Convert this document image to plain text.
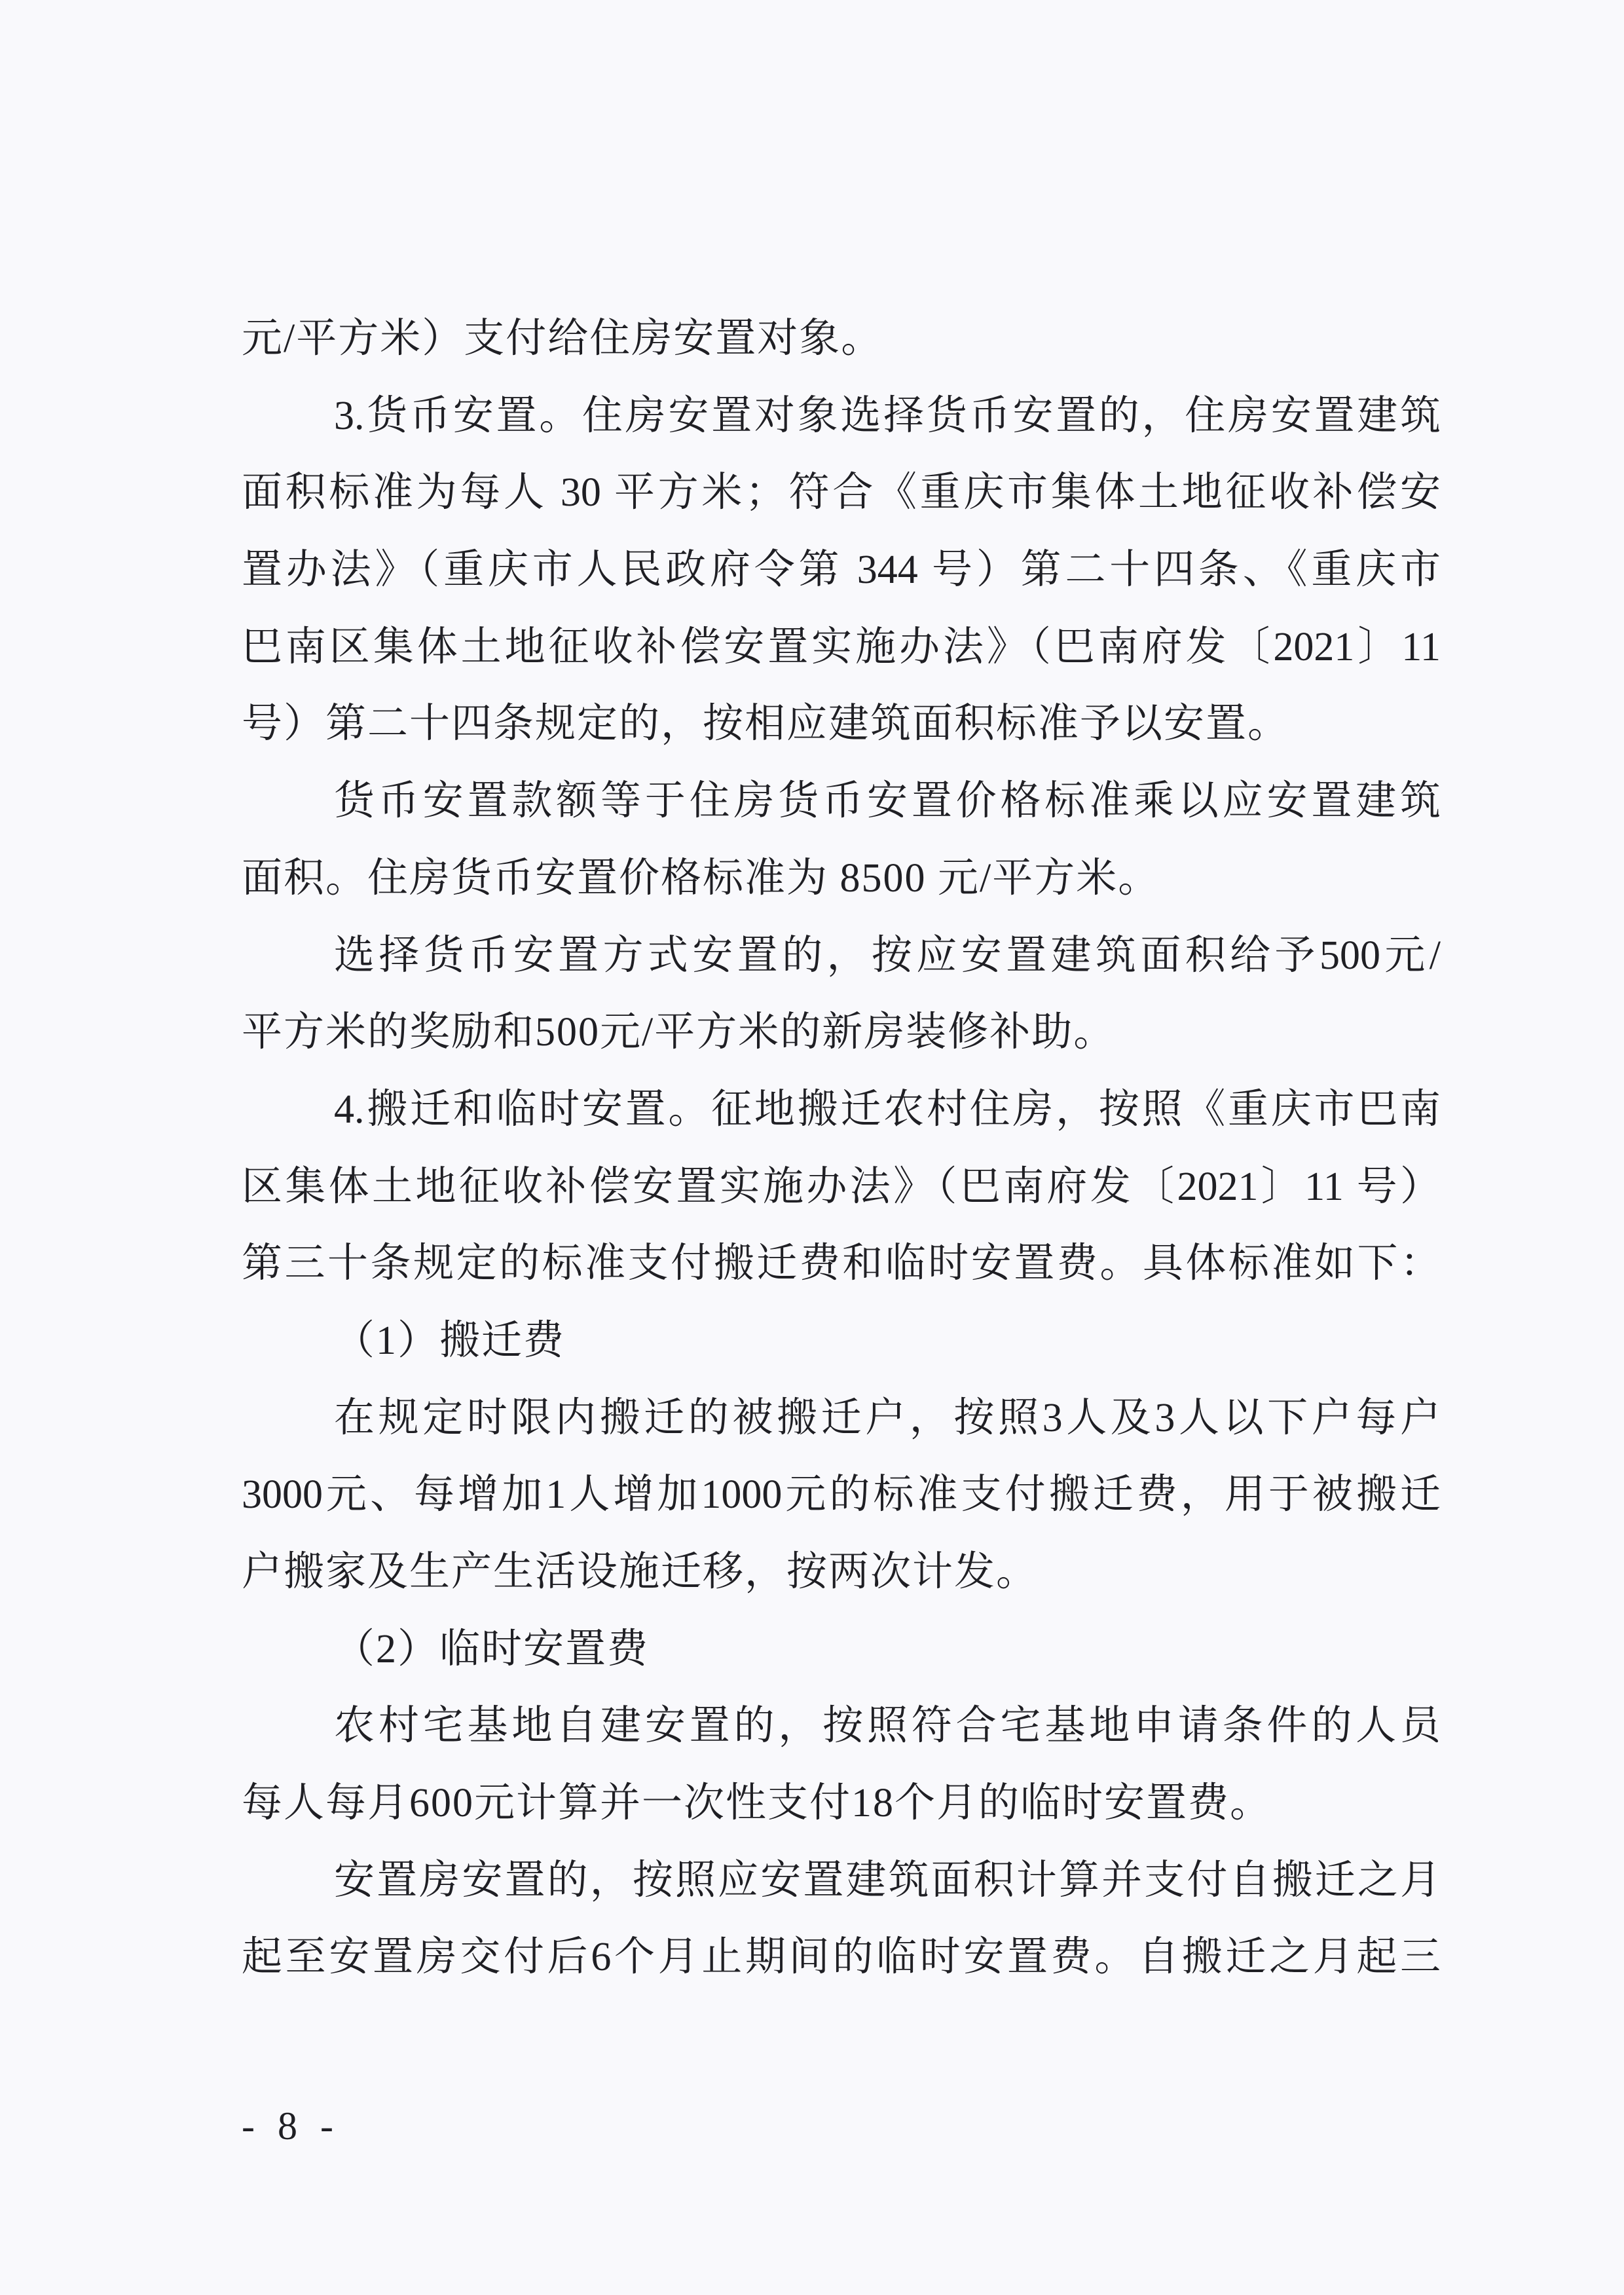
元/平方米）支付给住房安置对象。
3.货币安置。住房安置对象选择货币安置的，住房安置建筑
面积标准为每人 30 平方米；符合《重庆市集体土地征收补偿安
置办法》（重庆市人民政府令第 344 号）第二十四条、《重庆市
巴南区集体土地征收补偿安置实施办法》（巴南府发〔2021〕11
号）第二十四条规定的，按相应建筑面积标准予以安置。
货币安置款额等于住房货币安置价格标准乘以应安置建筑
面积。住房货币安置价格标准为 8500 元/平方米。
选择货币安置方式安置的，按应安置建筑面积给予500元/
平方米的奖励和500元/平方米的新房装修补助。
4.搬迁和临时安置。征地搬迁农村住房，按照《重庆市巴南
区集体土地征收补偿安置实施办法》（巴南府发〔2021〕11 号）
第三十条规定的标准支付搬迁费和临时安置费。具体标准如下：
（1）搬迁费
在规定时限内搬迁的被搬迁户，按照3人及3人以下户每户
3000元、每增加1人增加1000元的标准支付搬迁费，用于被搬迁
户搬家及生产生活设施迁移，按两次计发。
（2）临时安置费
农村宅基地自建安置的，按照符合宅基地申请条件的人员
每人每月600元计算并一次性支付18个月的临时安置费。
安置房安置的，按照应安置建筑面积计算并支付自搬迁之月
起至安置房交付后6个月止期间的临时安置费。自搬迁之月起三
- 8 -
